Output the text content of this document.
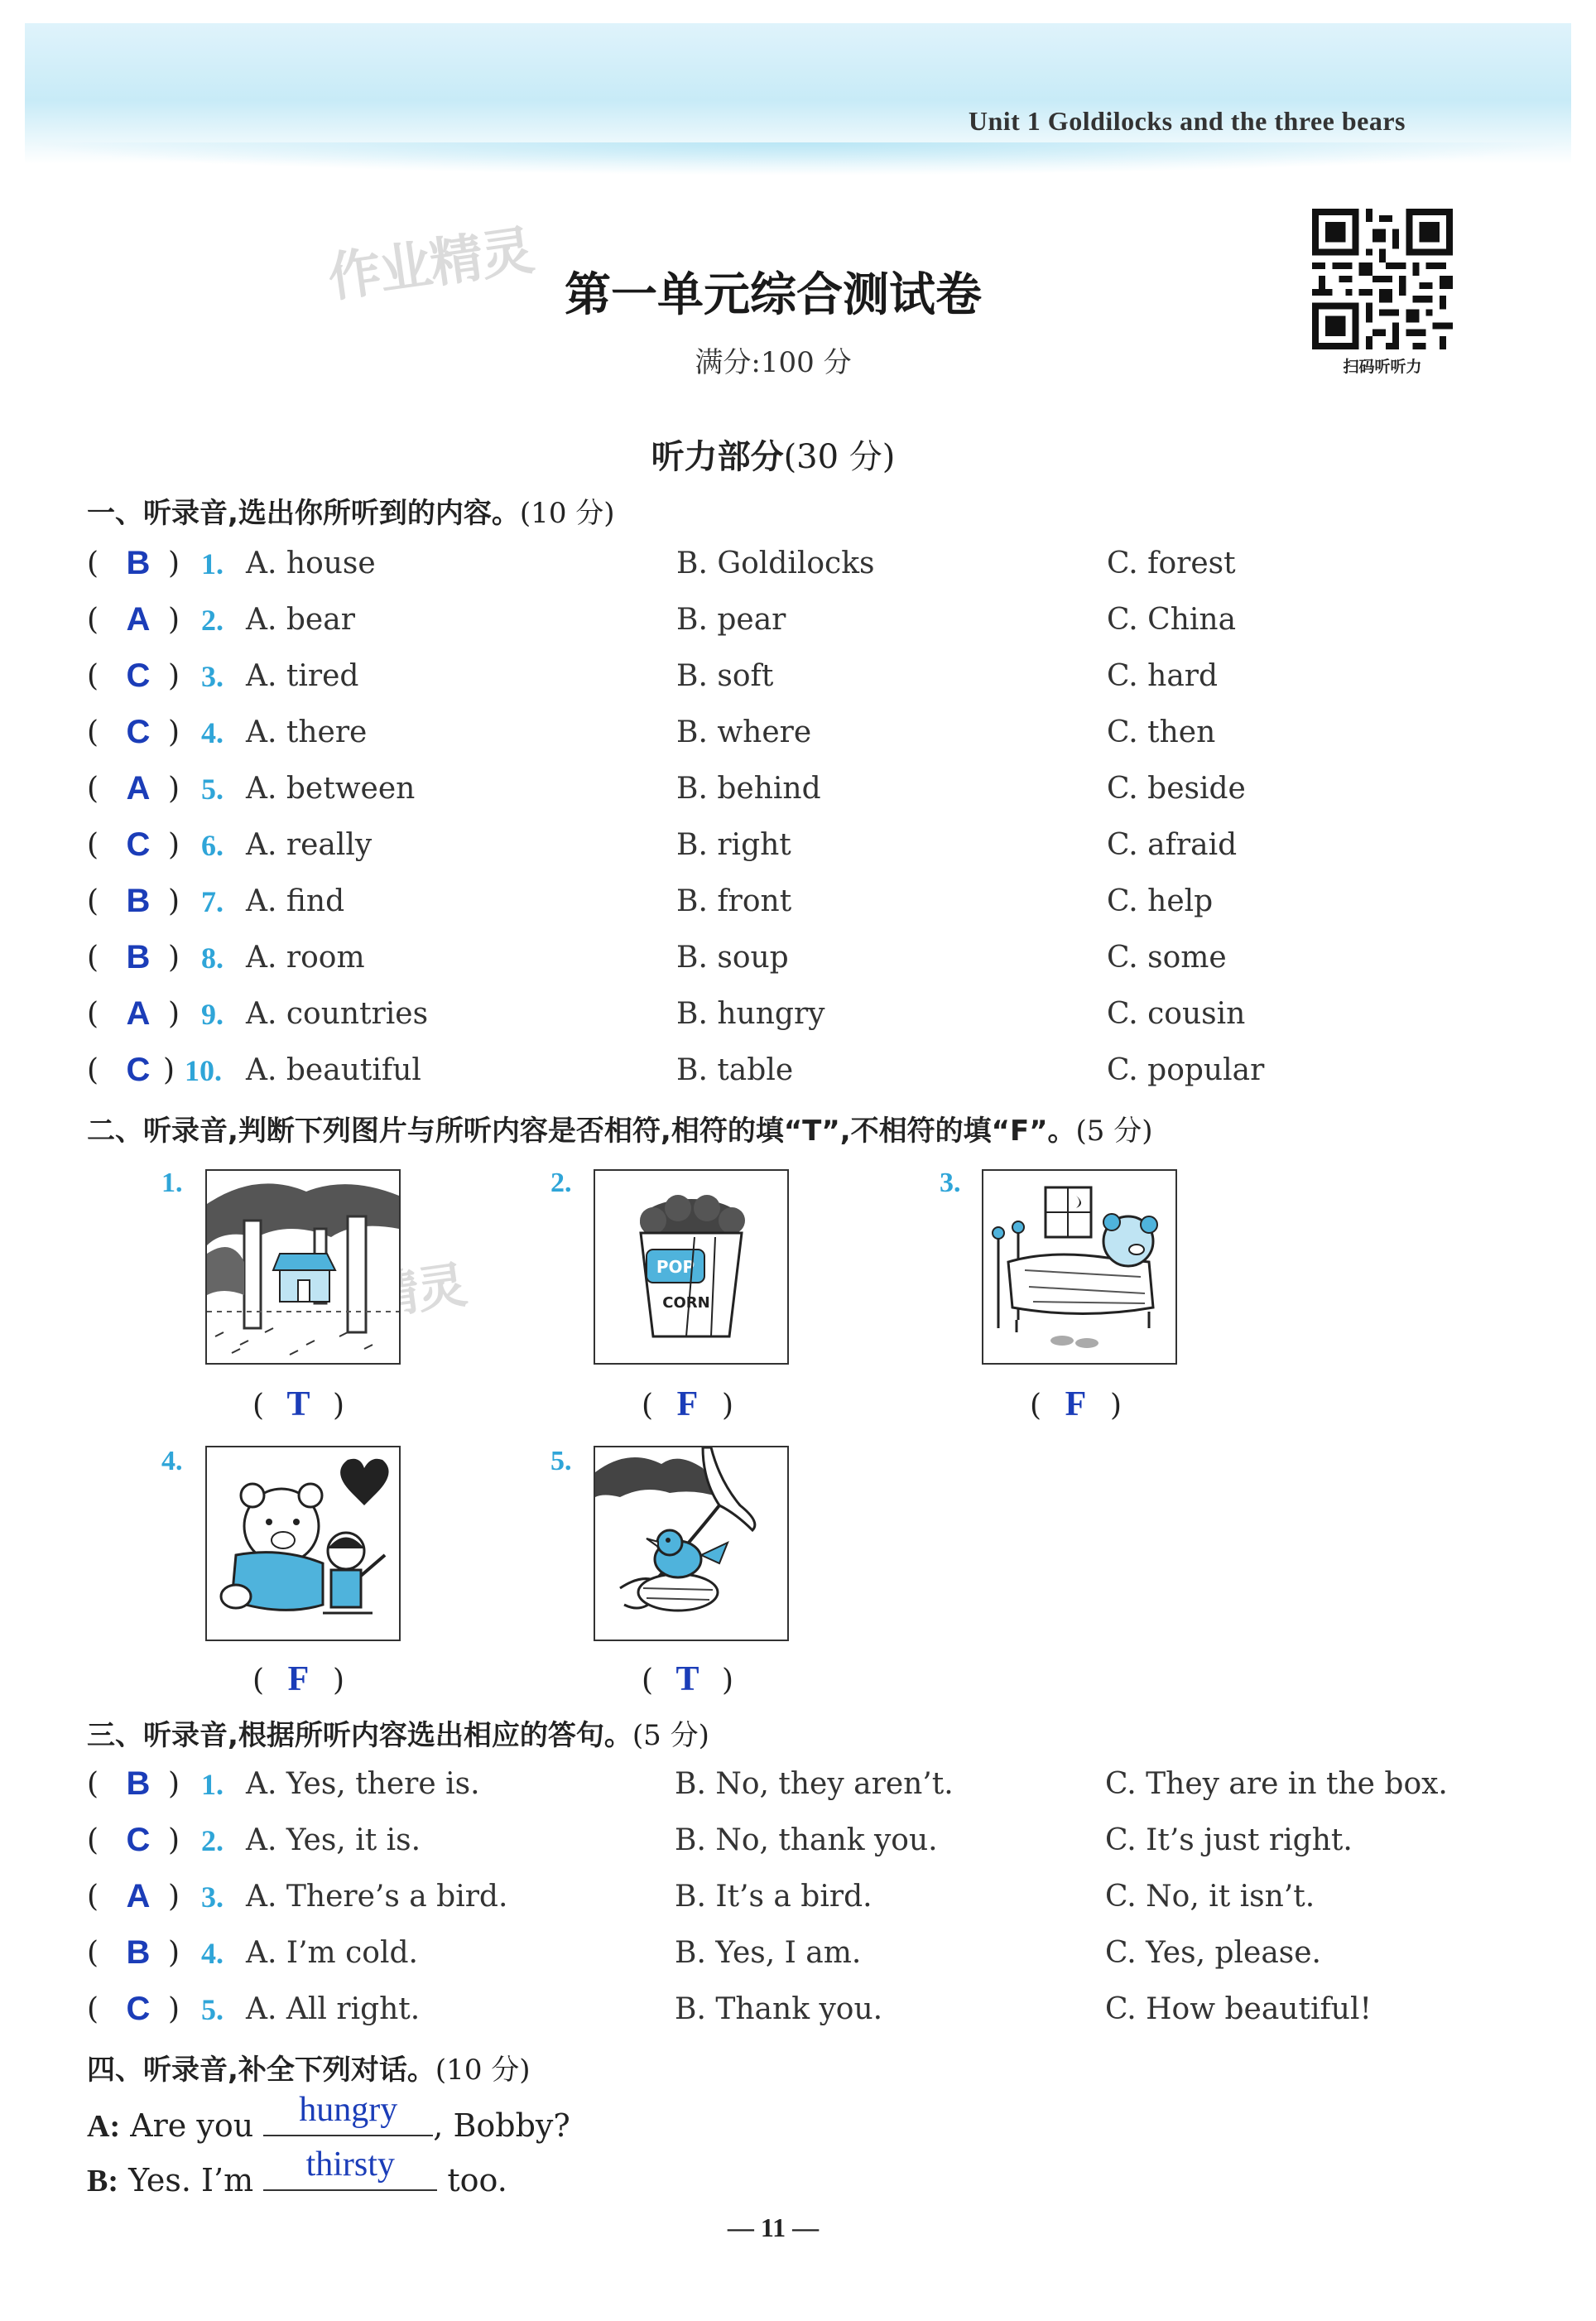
Unit 1 Goldilocks and the three bears
作业精灵 第一单元综合测试卷
满分:100 分	扫码听听力
听力部分(30 分)
一、听录音,选出你所听到的内容。(10 分)
( B ) 1. A. house	B. Goldilocks	C. forest
( A ) 2. A. bear	B. pear	C. China
( C ) 3. A. tired	B. soft	C. hard
( C ) 4. A. there	B. where	C. then
( A ) 5. A. between	B. behind	C. beside
( C ) 6. A. really	B. right	C. afraid
( B ) 7. A. find	B. front	C. help
( B ) 8. A. room	B. soup	C. some
( A ) 9. A. countries	B. hungry	C. cousin
( C ) 10. A. beautiful	B. table	C. popular
二、听录音,判断下列图片与所听内容是否相符,相符的填“T”,不相符的填“F”。(5 分)
1.
( T )
2.
POP
CORN
( F )
3.
( F )
4.
( F )
5.
( T )
三、听录音,根据所听内容选出相应的答句。(5 分)
( B ) 1. A. Yes, there is.	B. No, they aren’t.	C. They are in the box.
( C ) 2. A. Yes, it is.	B. No, thank you.	C. It’s just right.
( A ) 3. A. There’s a bird.	B. It’s a bird.	C. No, it isn’t.
( B ) 4. A. I’m cold.	B. Yes, I am.	C. Yes, please.
( C ) 5. A. All right.	B. Thank you.	C. How beautiful!
四、听录音,补全下列对话。(10 分)
A: Are you	hungry	, Bobby?
B: Yes. I’m	thirsty	too.
— 11 —
